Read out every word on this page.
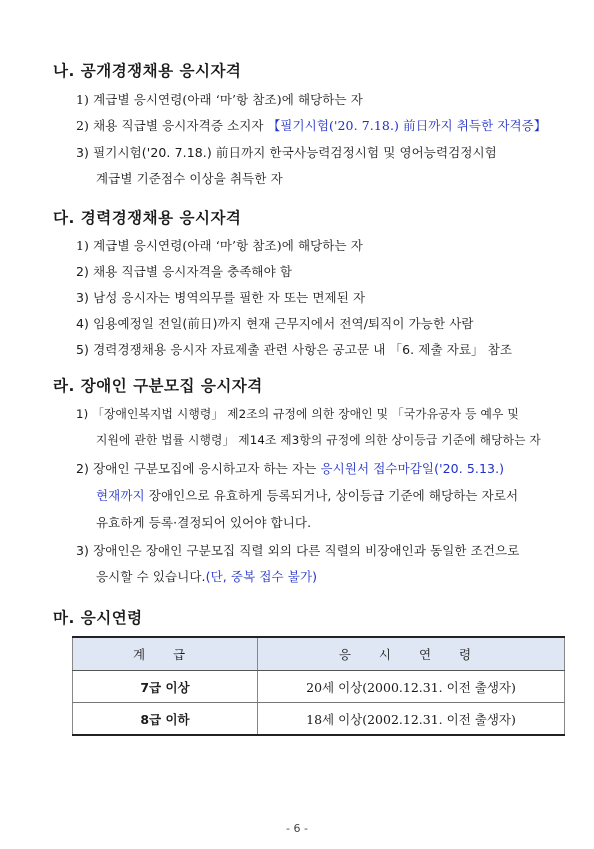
나. 공개경쟁채용 응시자격
1) 계급별 응시연령(아래 ‘마’항 참조)에 해당하는 자
2) 채용 직급별 응시자격증 소지자 【필기시험('20. 7.18.) 前日까지 취득한 자격증】
3) 필기시험('20. 7.18.) 前日까지 한국사능력검정시험 및 영어능력검정시험
계급별 기준점수 이상을 취득한 자
다. 경력경쟁채용 응시자격
1) 계급별 응시연령(아래 ‘마’항 참조)에 해당하는 자
2) 채용 직급별 응시자격을 충족해야 함
3) 남성 응시자는 병역의무를 필한 자 또는 면제된 자
4) 임용예정일 전일(前日)까지 현재 근무지에서 전역/퇴직이 가능한 사람
5) 경력경쟁채용 응시자 자료제출 관련 사항은 공고문 내 「6. 제출 자료」 참조
라. 장애인 구분모집 응시자격
1) 「장애인복지법 시행령」 제2조의 규정에 의한 장애인 및 「국가유공자 등 예우 및
지원에 관한 법률 시행령」 제14조 제3항의 규정에 의한 상이등급 기준에 해당하는 자
2) 장애인 구분모집에 응시하고자 하는 자는 응시원서 접수마감일('20. 5.13.)
현재까지 장애인으로 유효하게 등록되거나, 상이등급 기준에 해당하는 자로서
유효하게 등록·결정되어 있어야 합니다.
3) 장애인은 장애인 구분모집 직렬 외의 다른 직렬의 비장애인과 동일한 조건으로
응시할 수 있습니다.(단, 중복 접수 불가)
마. 응시연령
계 급	응 시 연 령
7급 이상	20세 이상(2000.12.31. 이전 출생자)
8급 이하	18세 이상(2002.12.31. 이전 출생자)
- 6 -
